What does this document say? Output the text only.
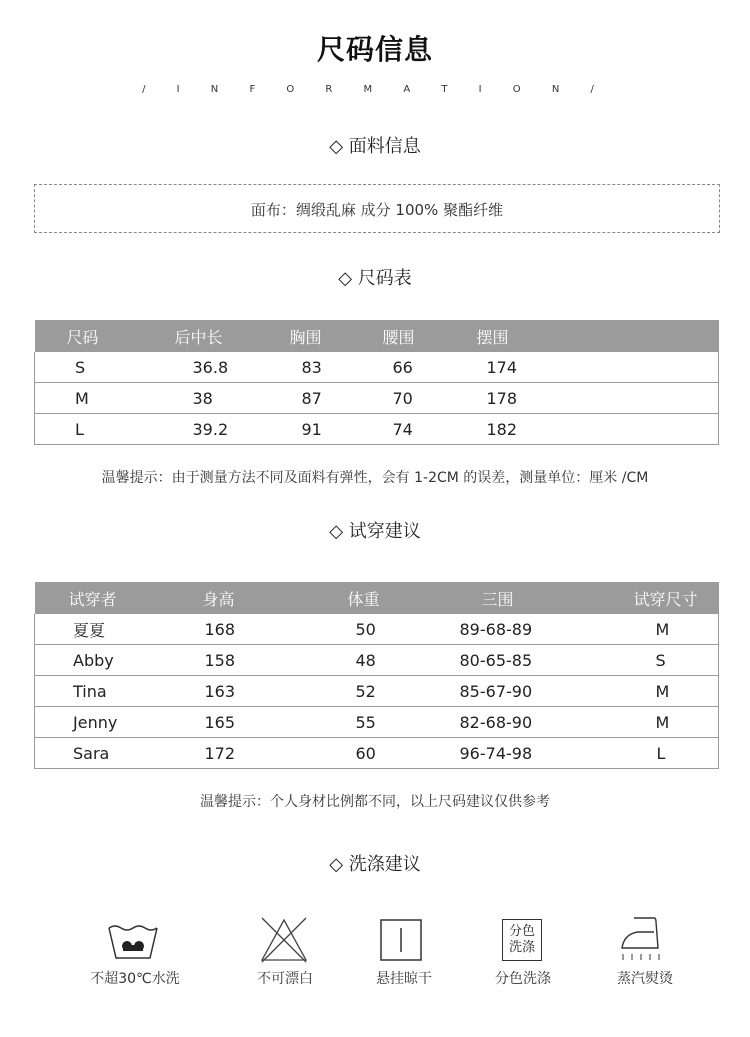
尺码信息
/ I N F O R M A T I O N /
◇ 面料信息
面布：绸缎乱麻 成分 100% 聚酯纤维
◇ 尺码表
尺码	后中长	胸围	腰围	摆围
S	36.8	83	66	174
M	38	87	70	178
L	39.2	91	74	182
温馨提示：由于测量方法不同及面料有弹性，会有 1-2CM 的误差，测量单位：厘米 /CM
◇ 试穿建议
试穿者	身高	体重	三围	试穿尺寸
夏夏	168	50	89-68-89	M
Abby	158	48	80-65-85	S
Tina	163	52	85-67-90	M
Jenny	165	55	82-68-90	M
Sara	172	60	96-74-98	L
温馨提示：个人身材比例都不同，以上尺码建议仅供参考
◇ 洗涤建议
不超30℃水洗	不可漂白	悬挂晾干
分色
洗涤
分色洗涤	蒸汽熨烫
